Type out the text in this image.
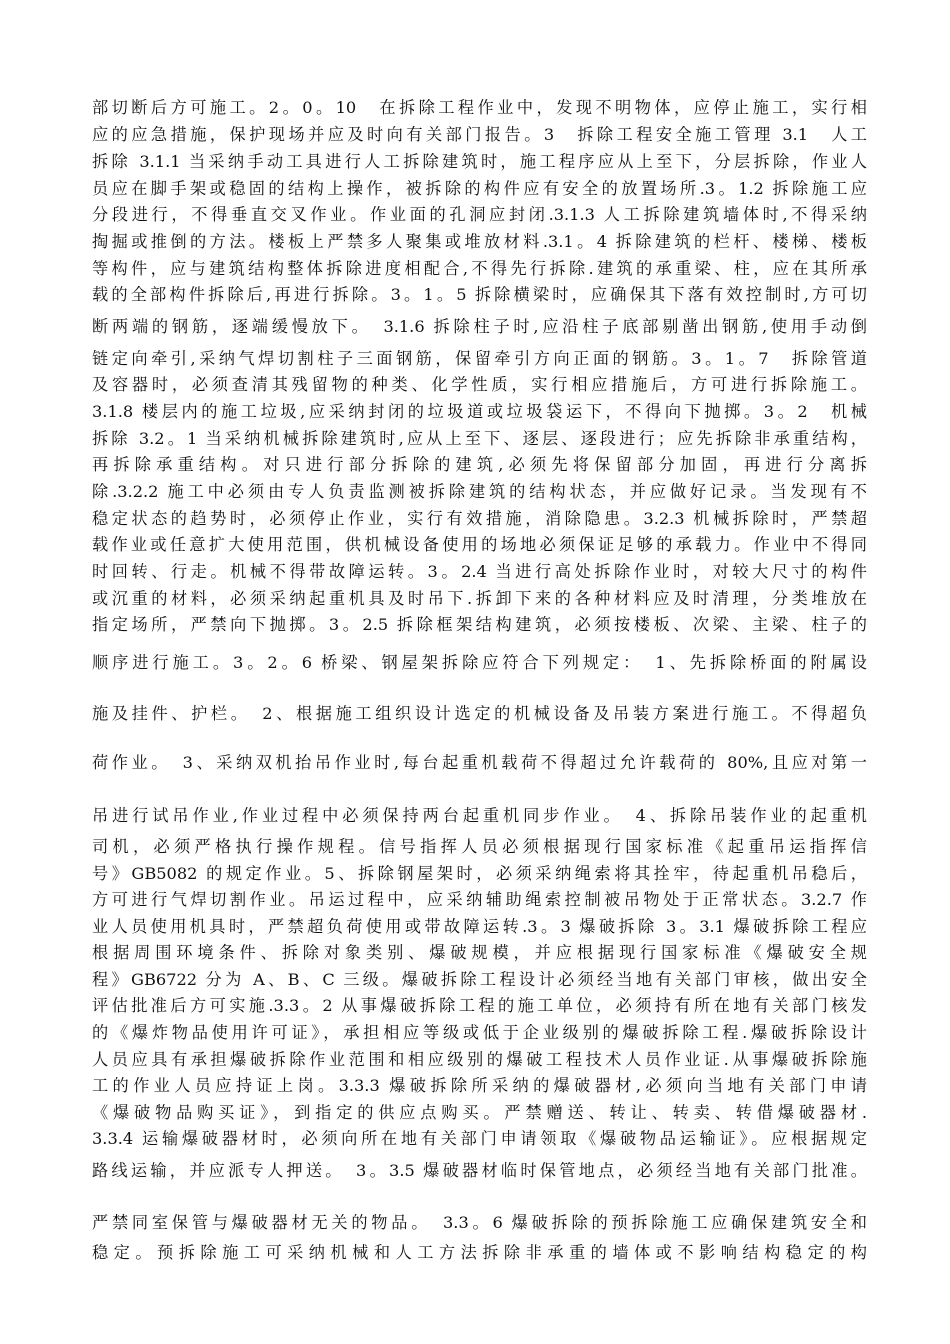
部切断后方可施工。2。0。10　在拆除工程作业中，发现不明物体，应停止施工，实行相
应的应急措施，保护现场并应及时向有关部门报告。3　拆除工程安全施工管理 3.1　人工
拆除 3.1.1 当采纳手动工具进行人工拆除建筑时，施工程序应从上至下，分层拆除，作业人
员应在脚手架或稳固的结构上操作，被拆除的构件应有安全的放置场所.3。1.2 拆除施工应
分段进行，不得垂直交叉作业。作业面的孔洞应封闭.3.1.3 人工拆除建筑墙体时,不得采纳
掏掘或推倒的方法。楼板上严禁多人聚集或堆放材料.3.1。4 拆除建筑的栏杆、楼梯、楼板
等构件，应与建筑结构整体拆除进度相配合,不得先行拆除.建筑的承重梁、柱，应在其所承
载的全部构件拆除后,再进行拆除。3。1。5 拆除横梁时，应确保其下落有效控制时,方可切
断两端的钢筋，逐端缓慢放下。　3.1.6 拆除柱子时,应沿柱子底部剔凿出钢筋,使用手动倒
链定向牵引,采纳气焊切割柱子三面钢筋，保留牵引方向正面的钢筋。3。1。7　拆除管道
及容器时，必须查清其残留物的种类、化学性质，实行相应措施后，方可进行拆除施工。
3.1.8 楼层内的施工垃圾,应采纳封闭的垃圾道或垃圾袋运下，不得向下抛掷。3。2　机械
拆除 3.2。1 当采纳机械拆除建筑时,应从上至下、逐层、逐段进行；应先拆除非承重结构，
再拆除承重结构。对只进行部分拆除的建筑,必须先将保留部分加固，再进行分离拆
除.3.2.2 施工中必须由专人负责监测被拆除建筑的结构状态，并应做好记录。当发现有不
稳定状态的趋势时，必须停止作业，实行有效措施，消除隐患。3.2.3 机械拆除时，严禁超
载作业或任意扩大使用范围，供机械设备使用的场地必须保证足够的承载力。作业中不得同
时回转、行走。机械不得带故障运转。3。2.4 当进行高处拆除作业时，对较大尺寸的构件
或沉重的材料，必须采纳起重机具及时吊下.拆卸下来的各种材料应及时清理，分类堆放在
指定场所，严禁向下抛掷。3。2.5 拆除框架结构建筑，必须按楼板、次梁、主梁、柱子的
顺序进行施工。3。2。6 桥梁、钢屋架拆除应符合下列规定：　1、先拆除桥面的附属设
施及挂件、护栏。　2、根据施工组织设计选定的机械设备及吊装方案进行施工。不得超负
荷作业。　3、采纳双机抬吊作业时,每台起重机载荷不得超过允许载荷的 80%,且应对第一
吊进行试吊作业,作业过程中必须保持两台起重机同步作业。　4、拆除吊装作业的起重机
司机，必须严格执行操作规程。信号指挥人员必须根据现行国家标准《起重吊运指挥信
号》GB5082 的规定作业。5、拆除钢屋架时，必须采纳绳索将其拴牢，待起重机吊稳后，
方可进行气焊切割作业。吊运过程中，应采纳辅助绳索控制被吊物处于正常状态。3.2.7 作
业人员使用机具时，严禁超负荷使用或带故障运转.3。3 爆破拆除 3。3.1 爆破拆除工程应
根据周围环境条件、拆除对象类别、爆破规模，并应根据现行国家标准《爆破安全规
程》GB6722 分为 A、B、C 三级。爆破拆除工程设计必须经当地有关部门审核，做出安全
评估批准后方可实施.3.3。2 从事爆破拆除工程的施工单位，必须持有所在地有关部门核发
的《爆炸物品使用许可证》，承担相应等级或低于企业级别的爆破拆除工程.爆破拆除设计
人员应具有承担爆破拆除作业范围和相应级别的爆破工程技术人员作业证.从事爆破拆除施
工的作业人员应持证上岗。3.3.3 爆破拆除所采纳的爆破器材,必须向当地有关部门申请
《爆破物品购买证》，到指定的供应点购买。严禁赠送、转让、转卖、转借爆破器材.
3.3.4 运输爆破器材时，必须向所在地有关部门申请领取《爆破物品运输证》。应根据规定
路线运输，并应派专人押送。　3。3.5 爆破器材临时保管地点，必须经当地有关部门批准。
严禁同室保管与爆破器材无关的物品。　3.3。6 爆破拆除的预拆除施工应确保建筑安全和
稳定。预拆除施工可采纳机械和人工方法拆除非承重的墙体或不影响结构稳定的构
